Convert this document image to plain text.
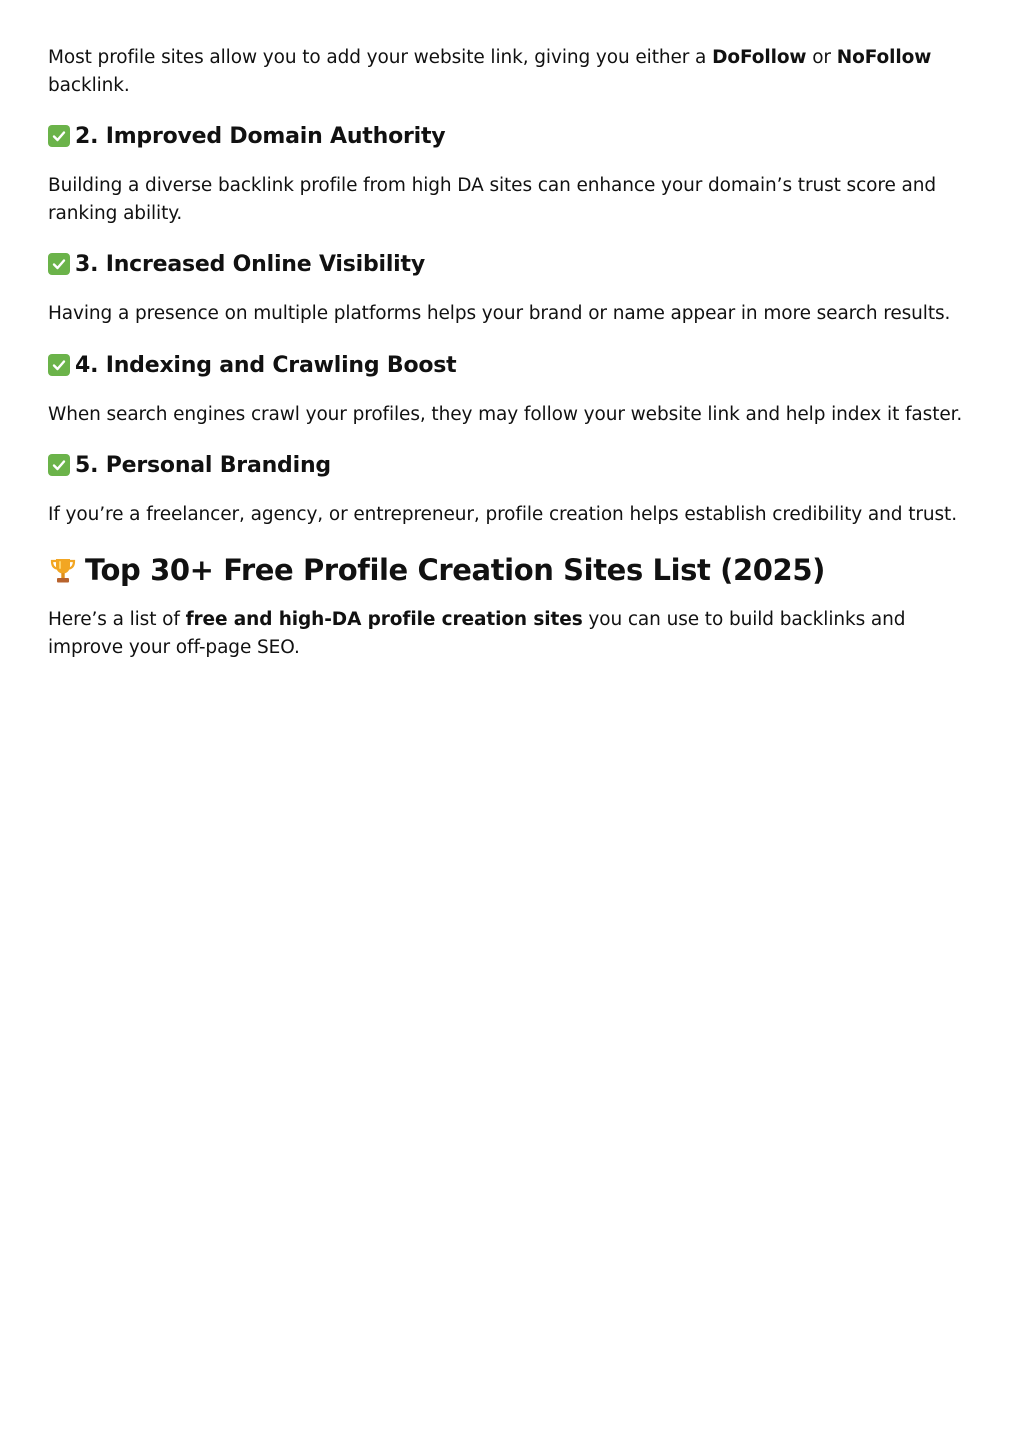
Most profile sites allow you to add your website link, giving you either a DoFollow or NoFollow backlink.

2. Improved Domain Authority

Building a diverse backlink profile from high DA sites can enhance your domain’s trust score and ranking ability.

3. Increased Online Visibility

Having a presence on multiple platforms helps your brand or name appear in more search results.

4. Indexing and Crawling Boost

When search engines crawl your profiles, they may follow your website link and help index it faster.

5. Personal Branding

If you’re a freelancer, agency, or entrepreneur, profile creation helps establish credibility and trust.

Top 30+ Free Profile Creation Sites List (2025)

Here’s a list of free and high-DA profile creation sites you can use to build backlinks and improve your off-page SEO.
